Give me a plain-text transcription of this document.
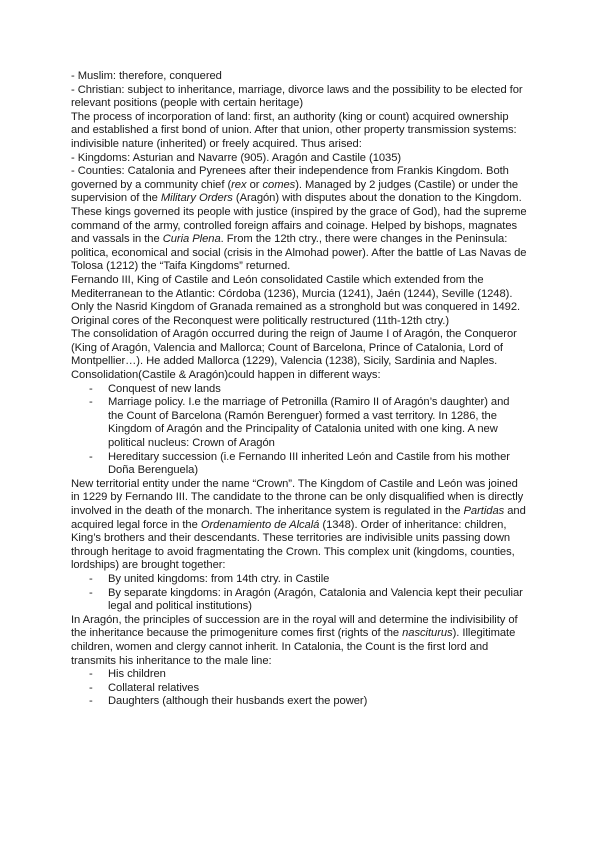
- Muslim: therefore, conquered

- Christian: subject to inheritance, marriage, divorce laws and the possibility to be elected for relevant positions (people with certain heritage)

The process of incorporation of land: first, an authority (king or count) acquired ownership and established a first bond of union. After that union, other property transmission systems: indivisible nature (inherited) or freely acquired. Thus arised:

- Kingdoms: Asturian and Navarre (905). Aragón and Castile (1035)

- Counties: Catalonia and Pyrenees after their independence from Frankis Kingdom. Both governed by a community chief (rex or comes). Managed by 2 judges (Castile) or under the supervision of the Military Orders (Aragón) with disputes about the donation to the Kingdom. These kings governed its people with justice (inspired by the grace of God), had the supreme command of the army, controlled foreign affairs and coinage. Helped by bishops, magnates and vassals in the Curia Plena. From the 12th ctry., there were changes in the Peninsula: politica, economical and social (crisis in the Almohad power). After the battle of Las Navas de Tolosa (1212) the “Taifa Kingdoms” returned.

Fernando III, King of Castile and León consolidated Castile which extended from the Mediterranean to the Atlantic: Córdoba (1236), Murcia (1241), Jaén (1244), Seville (1248). Only the Nasrid Kingdom of Granada remained as a stronghold but was conquered in 1492. Original cores of the Reconquest were politically restructured (11th-12th ctry.)

The consolidation of Aragón occurred during the reign of Jaume I of Aragón, the Conqueror (King of Aragón, Valencia and Mallorca; Count of Barcelona, Prince of Catalonia, Lord of Montpellier…). He added Mallorca (1229), Valencia (1238), Sicily, Sardinia and Naples. Consolidation(Castile & Aragón)could happen in different ways:

- Conquest of new lands
- Marriage policy. I.e the marriage of Petronilla (Ramiro II of Aragón’s daughter) and the Count of Barcelona (Ramón Berenguer) formed a vast territory. In 1286, the Kingdom of Aragón and the Principality of Catalonia united with one king. A new political nucleus: Crown of Aragón
- Hereditary succession (i.e Fernando III inherited León and Castile from his mother Doña Berenguela)

New territorial entity under the name “Crown”. The Kingdom of Castile and León was joined in 1229 by Fernando III. The candidate to the throne can be only disqualified when is directly involved in the death of the monarch. The inheritance system is regulated in the Partidas and acquired legal force in the Ordenamiento de Alcalá (1348). Order of inheritance: children, King’s brothers and their descendants. These territories are indivisible units passing down through heritage to avoid fragmentating the Crown. This complex unit (kingdoms, counties, lordships) are brought together:

- By united kingdoms: from 14th ctry. in Castile
- By separate kingdoms: in Aragón (Aragón, Catalonia and Valencia kept their peculiar legal and political institutions)

In Aragón, the principles of succession are in the royal will and determine the indivisibility of the inheritance because the primogeniture comes first (rights of the nasciturus). Illegitimate children, women and clergy cannot inherit. In Catalonia, the Count is the first lord and transmits his inheritance to the male line:

- His children
- Collateral relatives
- Daughters (although their husbands exert the power)
